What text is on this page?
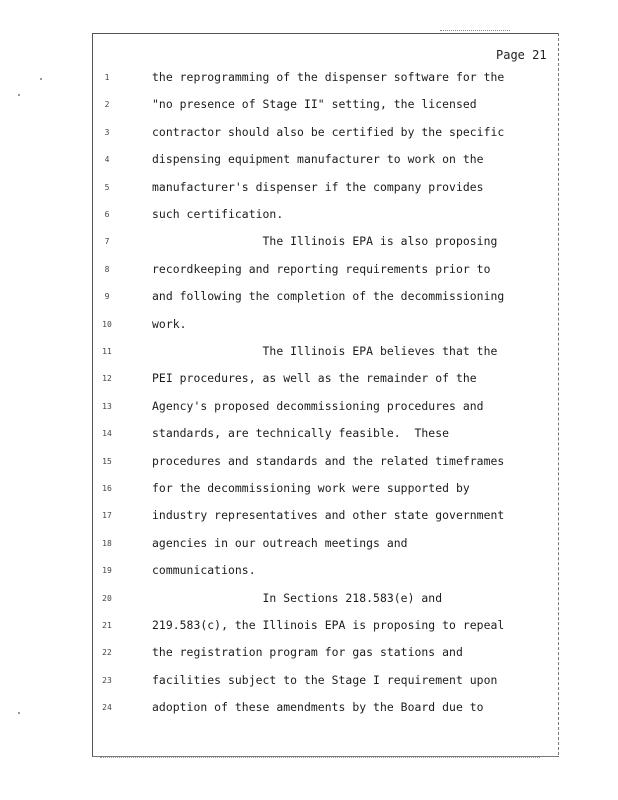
Page 21
1	the reprogramming of the dispenser software for the
2	"no presence of Stage II" setting, the licensed
3	contractor should also be certified by the specific
4	dispensing equipment manufacturer to work on the
5	manufacturer's dispenser if the company provides
6	such certification.
7	The Illinois EPA is also proposing
8	recordkeeping and reporting requirements prior to
9	and following the completion of the decommissioning
10	work.
11	The Illinois EPA believes that the
12	PEI procedures, as well as the remainder of the
13	Agency's proposed decommissioning procedures and
14	standards, are technically feasible.  These
15	procedures and standards and the related timeframes
16	for the decommissioning work were supported by
17	industry representatives and other state government
18	agencies in our outreach meetings and
19	communications.
20	In Sections 218.583(e) and
21	219.583(c), the Illinois EPA is proposing to repeal
22	the registration program for gas stations and
23	facilities subject to the Stage I requirement upon
24	adoption of these amendments by the Board due to
